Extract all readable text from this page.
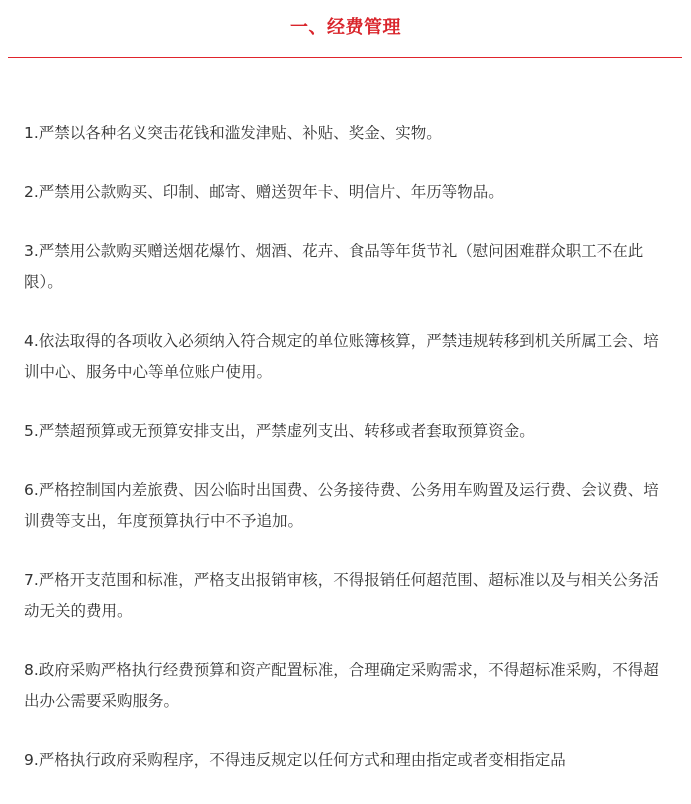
一、经费管理

1.严禁以各种名义突击花钱和滥发津贴、补贴、奖金、实物。

2.严禁用公款购买、印制、邮寄、赠送贺年卡、明信片、年历等物品。

3.严禁用公款购买赠送烟花爆竹、烟酒、花卉、食品等年货节礼（慰问困难群众职工不在此限）。

4.依法取得的各项收入必须纳入符合规定的单位账簿核算，严禁违规转移到机关所属工会、培训中心、服务中心等单位账户使用。

5.严禁超预算或无预算安排支出，严禁虚列支出、转移或者套取预算资金。

6.严格控制国内差旅费、因公临时出国费、公务接待费、公务用车购置及运行费、会议费、培训费等支出，年度预算执行中不予追加。

7.严格开支范围和标准，严格支出报销审核，不得报销任何超范围、超标准以及与相关公务活动无关的费用。

8.政府采购严格执行经费预算和资产配置标准，合理确定采购需求，不得超标准采购，不得超出办公需要采购服务。

9.严格执行政府采购程序，不得违反规定以任何方式和理由指定或者变相指定品
